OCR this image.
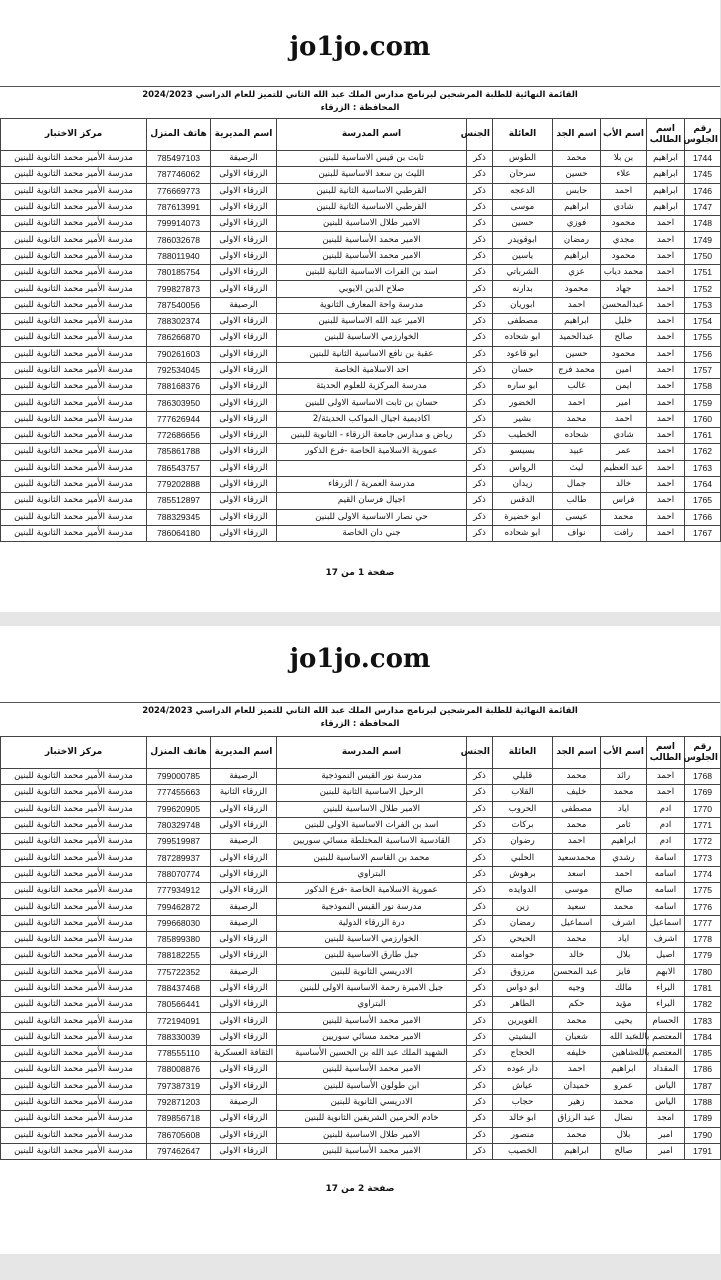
jo1jo.com
القائمة النهائية للطلبة المرشحين لبرنامج مدارس الملك عبد الله الثاني للتميز للعام الدراسي 2024/2023
المحافظة : الزرقاء
رقم الجلوس	اسم الطالب	اسم الأب	اسم الجد	العائلة	الجنس	اسم المدرسة	اسم المديرية	هاتف المنزل	مركز الاختبار
1744	ابراهيم	بن بلا	محمد	الطوس	ذكر	ثابت بن قيس الاساسية للبنين	الرصيفة	785497103	مدرسة الأمير محمد الثانوية للبنين
1745	ابراهيم	علاء	حسين	سرحان	ذكر	الليث بن سعد الاساسية للبنين	الزرقاء الاولى	787746062	مدرسة الأمير محمد الثانوية للبنين
1746	ابراهيم	احمد	حابس	الدعجه	ذكر	القرطبي الاساسية الثانية للبنين	الزرقاء الاولى	776669773	مدرسة الأمير محمد الثانوية للبنين
1747	ابراهيم	شادي	ابراهيم	موسى	ذكر	القرطبي الاساسية الثانية للبنين	الزرقاء الاولى	787613991	مدرسة الأمير محمد الثانوية للبنين
1748	احمد	محمود	فوزي	حسين	ذكر	الامير طلال الاساسية للبنين	الزرقاء الاولى	799914073	مدرسة الأمير محمد الثانوية للبنين
1749	احمد	مجدي	رمضان	ابوقويدر	ذكر	الامير محمد الأساسية للبنين	الزرقاء الاولى	786032678	مدرسة الأمير محمد الثانوية للبنين
1750	احمد	محمود	ابراهيم	ياسين	ذكر	الامير محمد الأساسية للبنين	الزرقاء الاولى	788011940	مدرسة الأمير محمد الثانوية للبنين
1751	احمد	محمد دياب	عزي	الشرباتي	ذكر	اسد بن الفرات الاساسية الثانية للبنين	الزرقاء الاولى	780185754	مدرسة الأمير محمد الثانوية للبنين
1752	احمد	جهاد	محمود	بدارنه	ذكر	صلاح الدين الايوبي	الزرقاء الاولى	799827873	مدرسة الأمير محمد الثانوية للبنين
1753	احمد	عبدالمحسن	احمد	ابوريان	ذكر	مدرسة واحة المعارف الثانوية	الرصيفة	787540056	مدرسة الأمير محمد الثانوية للبنين
1754	احمد	خليل	ابراهيم	مصطفى	ذكر	الامير عبد الله الاساسية للبنين	الزرقاء الاولى	788302374	مدرسة الأمير محمد الثانوية للبنين
1755	احمد	صالح	عبدالحميد	ابو شحاده	ذكر	الخوارزمي الاساسية للبنين	الزرقاء الاولى	786266870	مدرسة الأمير محمد الثانوية للبنين
1756	احمد	محمود	حسين	ابو قاعود	ذكر	عقبة بن نافع الاساسية الثانية للبنين	الزرقاء الاولى	790261603	مدرسة الأمير محمد الثانوية للبنين
1757	احمد	امين	محمد فرج	حسان	ذكر	احد الاسلامية الخاصة	الزرقاء الاولى	792534045	مدرسة الأمير محمد الثانوية للبنين
1758	احمد	ايمن	غالب	ابو ساره	ذكر	مدرسة المركزية للعلوم الحديثة	الزرقاء الاولى	788168376	مدرسة الأمير محمد الثانوية للبنين
1759	احمد	امير	احمد	الخضور	ذكر	حسان بن ثابت الاساسية الاولى للبنين	الزرقاء الاولى	786303950	مدرسة الأمير محمد الثانوية للبنين
1760	احمد	احمد	محمد	بشير	ذكر	اكاديمية اجيال المواكب الحديثة/2	الزرقاء الاولى	777626944	مدرسة الأمير محمد الثانوية للبنين
1761	احمد	شادي	شحاده	الخطيب	ذكر	رياض و مدارس جامعة الزرقاء - الثانوية للبنين	الزرقاء الاولى	772686656	مدرسة الأمير محمد الثانوية للبنين
1762	احمد	عمر	عبيد	بسيسو	ذكر	عمورية الاسلامية الخاصة -فرع الذكور	الزرقاء الاولى	785861788	مدرسة الأمير محمد الثانوية للبنين
1763	احمد	عبد العظيم	ليث	الرواس	ذكر		الزرقاء الاولى	786543757	مدرسة الأمير محمد الثانوية للبنين
1764	احمد	خالد	جمال	زيدان	ذكر	مدرسة العمرية / الزرقاء	الزرقاء الاولى	779202888	مدرسة الأمير محمد الثانوية للبنين
1765	احمد	فراس	طالب	الدقس	ذكر	اجيال فرسان القيم	الزرقاء الاولى	785512897	مدرسة الأمير محمد الثانوية للبنين
1766	احمد	محمد	عيسى	ابو خضيرة	ذكر	حي نصار الاساسية الاولى للبنين	الزرقاء الاولى	788329345	مدرسة الأمير محمد الثانوية للبنين
1767	احمد	رافت	نواف	ابو شحاده	ذكر	جني دان الخاصة	الزرقاء الاولى	786064180	مدرسة الأمير محمد الثانوية للبنين
صفحة 1 من 17
jo1jo.com
القائمة النهائية للطلبة المرشحين لبرنامج مدارس الملك عبد الله الثاني للتميز للعام الدراسي 2024/2023
المحافظة : الزرقاء
رقم الجلوس	اسم الطالب	اسم الأب	اسم الجد	العائلة	الجنس	اسم المدرسة	اسم المديرية	هاتف المنزل	مركز الاختبار
1768	احمد	رائد	محمد	قليلي	ذكر	مدرسة نور القيس النموذجية	الرصيفة	799000785	مدرسة الأمير محمد الثانوية للبنين
1769	احمد	محمد	خليف	القلاب	ذكر	الرحيل الاساسية الثانية للبنين	الزرقاء الثانية	777455663	مدرسة الأمير محمد الثانوية للبنين
1770	ادم	اياد	مصطفى	الحروب	ذكر	الامير طلال الاساسية للبنين	الزرقاء الاولى	799620905	مدرسة الأمير محمد الثانوية للبنين
1771	ادم	ثامر	محمد	بركات	ذكر	اسد بن الفرات الاساسية الاولى للبنين	الزرقاء الاولى	780329748	مدرسة الأمير محمد الثانوية للبنين
1772	ادم	ابراهيم	احمد	رضوان	ذكر	القادسية الاساسية المختلطة مسائي سوريين	الرصيفة	799519987	مدرسة الأمير محمد الثانوية للبنين
1773	اسامة	رشدي	محمدسعيد	الحلبي	ذكر	محمد بن القاسم الاساسية للبنين	الزرقاء الاولى	787289937	مدرسة الأمير محمد الثانوية للبنين
1774	اسامه	احمد	اسعد	برهوش	ذكر	البتراوي	الزرقاء الاولى	788070774	مدرسة الأمير محمد الثانوية للبنين
1775	اسامه	صالح	موسى	الدوايده	ذكر	عمورية الاسلامية الخاصة -فرع الذكور	الزرقاء الاولى	777934912	مدرسة الأمير محمد الثانوية للبنين
1776	اسامه	محمد	سعيد	زين	ذكر	مدرسة نور القيس النموذجية	الرصيفة	799462872	مدرسة الأمير محمد الثانوية للبنين
1777	اسماعيل	اشرف	اسماعيل	رمضان	ذكر	درة الزرقاء الدولية	الرصيفة	799668030	مدرسة الأمير محمد الثانوية للبنين
1778	اشرف	اياد	محمد	الحيحي	ذكر	الخوارزمي الاساسية للبنين	الزرقاء الاولى	785899380	مدرسة الأمير محمد الثانوية للبنين
1779	اصيل	بلال	خالد	حوامنه	ذكر	جبل طارق الاساسية للبنين	الزرقاء الاولى	788182255	مدرسة الأمير محمد الثانوية للبنين
1780	الابهم	فايز	عبد المحسن	مرزوق	ذكر	الادريسي الثانوية للبنين	الرصيفة	775722352	مدرسة الأمير محمد الثانوية للبنين
1781	البراء	مالك	وجيه	ابو دواس	ذكر	جبل الاميرة رحمة الاساسية الاولى للبنين	الزرقاء الاولى	788437468	مدرسة الأمير محمد الثانوية للبنين
1782	البراء	مؤيد	حكم	الطاهر	ذكر	البتراوي	الزرقاء الاولى	780566441	مدرسة الأمير محمد الثانوية للبنين
1783	الحسام	يحيى	محمد	الغويرين	ذكر	الامير محمد الأساسية للبنين	الزرقاء الاولى	772194091	مدرسة الأمير محمد الثانوية للبنين
1784	المعتصم بالله	عبد الله	شعبان	البشيتي	ذكر	الامير محمد مسائي سوريين	الزرقاء الاولى	788330039	مدرسة الأمير محمد الثانوية للبنين
1785	المعتصم بالله	شاهين	خليفه	الحجاج	ذكر	الشهيد الملك عبد الله بن الحسين الأساسية	الثقافة العسكرية	778555110	مدرسة الأمير محمد الثانوية للبنين
1786	المقداد	ابراهيم	احمد	دار عوده	ذكر	الامير محمد الأساسية للبنين	الزرقاء الاولى	788008876	مدرسة الأمير محمد الثانوية للبنين
1787	الياس	عمرو	حميدان	عياش	ذكر	ابن طولون الأساسية للبنين	الزرقاء الاولى	797387319	مدرسة الأمير محمد الثانوية للبنين
1788	الياس	محمد	زهير	حجاب	ذكر	الادريسي الثانوية للبنين	الرصيفة	792871203	مدرسة الأمير محمد الثانوية للبنين
1789	امجد	نضال	عبد الرزاق	ابو خالد	ذكر	خادم الحرمين الشريفين الثانوية للبنين	الزرقاء الاولى	789856718	مدرسة الأمير محمد الثانوية للبنين
1790	امير	بلال	محمد	منصور	ذكر	الامير طلال الاساسية للبنين	الزرقاء الاولى	786705608	مدرسة الأمير محمد الثانوية للبنين
1791	امير	صالح	ابراهيم	الخصيب	ذكر	الامير محمد الأساسية للبنين	الزرقاء الاولى	797462647	مدرسة الأمير محمد الثانوية للبنين
صفحة 2 من 17
